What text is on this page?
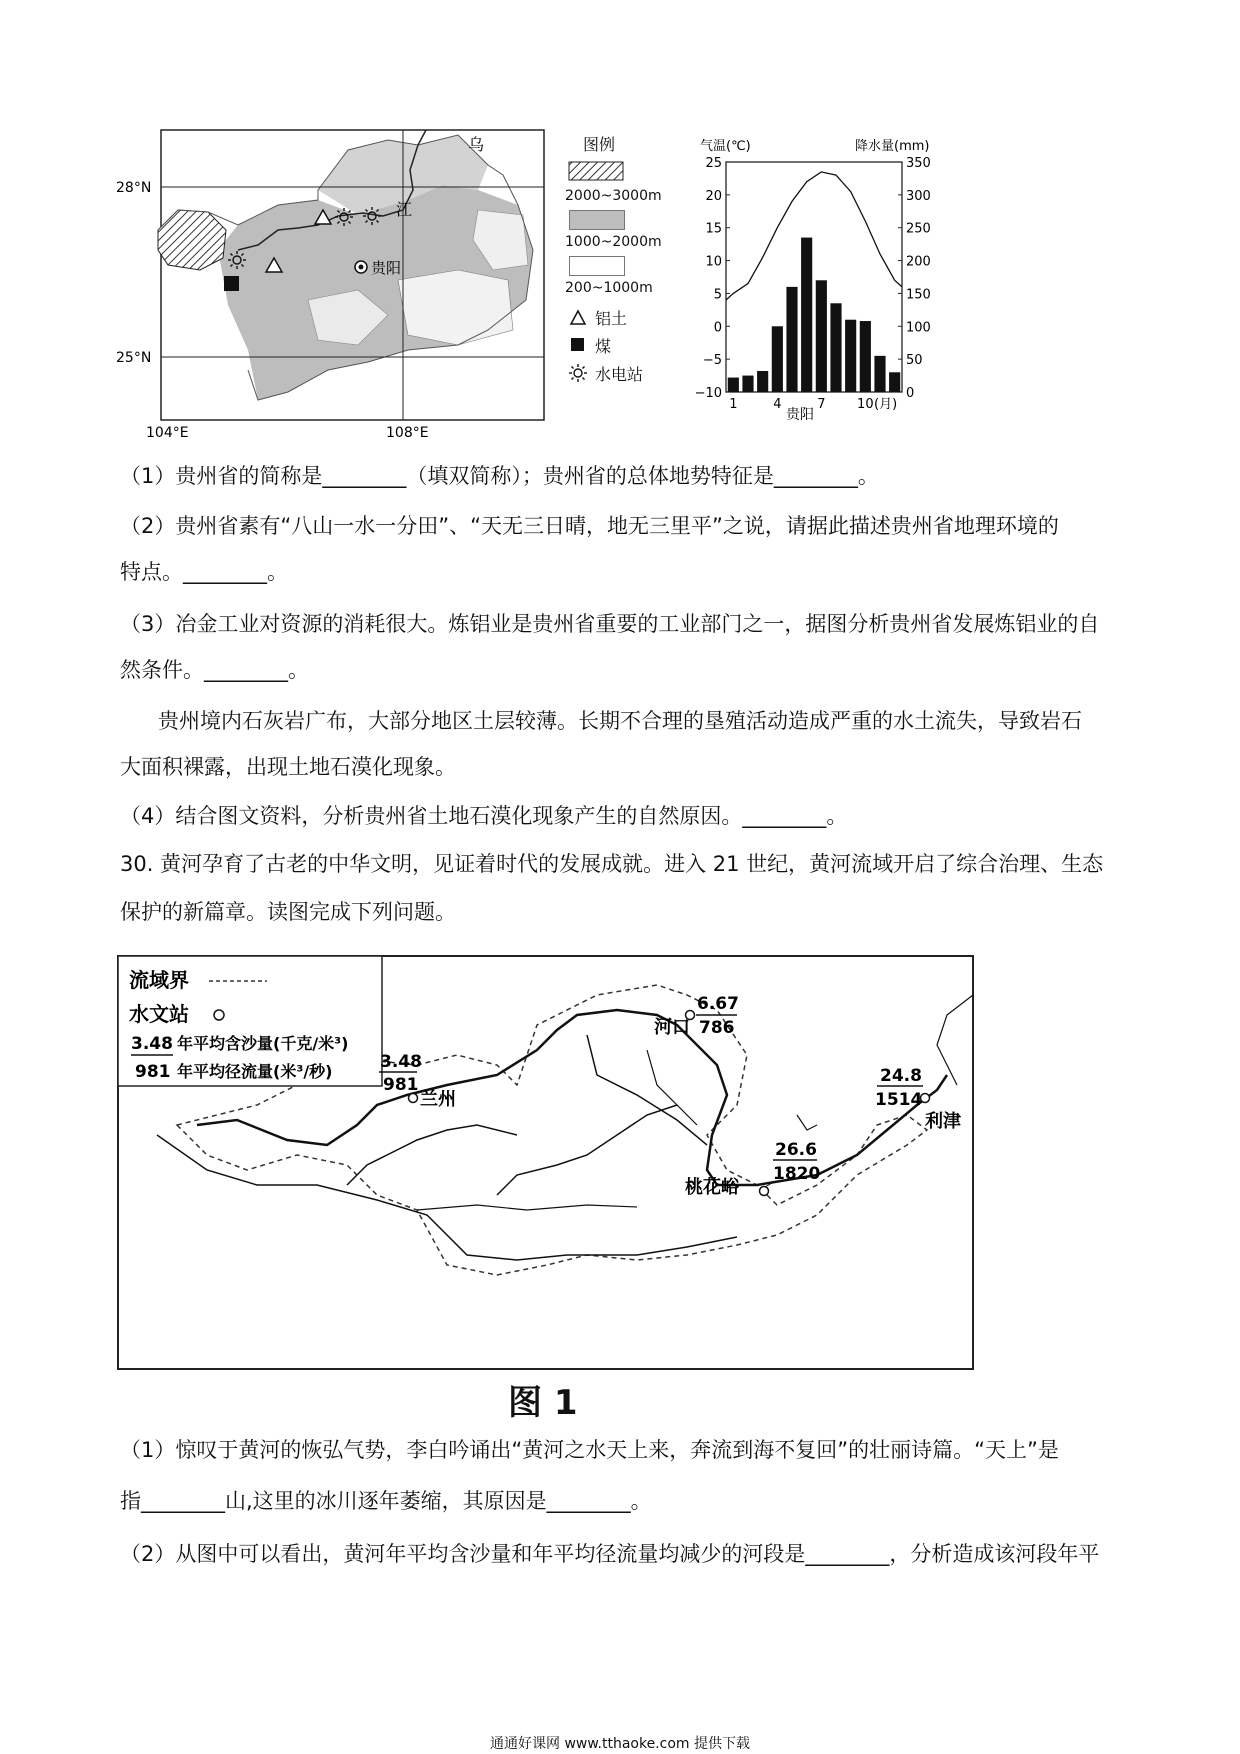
贵阳
乌
江
28°N
25°N
104°E	108°E
图例
2000~3000m
1000~2000m
200~1000m
铝土
煤
水电站
气温(℃)	降水量(mm)
25
20
15
10
5
0
−5
−10
350
300
250
200
150
100
50
0
1	4	7 10 (月)
贵阳
（1）贵州省的简称是________（填双简称）；贵州省的总体地势特征是________。
（2）贵州省素有“八山一水一分田”、“天无三日晴，地无三里平”之说，请据此描述贵州省地理环境的
特点。________。
（3）冶金工业对资源的消耗很大。炼铝业是贵州省重要的工业部门之一，据图分析贵州省发展炼铝业的自
然条件。________。
贵州境内石灰岩广布，大部分地区土层较薄。长期不合理的垦殖活动造成严重的水土流失，导致岩石
大面积裸露，出现土地石漠化现象。
（4）结合图文资料，分析贵州省土地石漠化现象产生的自然原因。________。
30. 黄河孕育了古老的中华文明，见证着时代的发展成就。进入 21 世纪，黄河流域开启了综合治理、生态
保护的新篇章。读图完成下列问题。
流域界
水文站
3.48 年平均含沙量(千克/米³)
981 年平均径流量(米³/秒)	3.48
981
兰州
6.67
786
河口
26.6
1820
桃花峪
24.8
1514
利津
图 1
（1）惊叹于黄河的恢弘气势，李白吟诵出“黄河之水天上来，奔流到海不复回”的壮丽诗篇。“天上”是
指________山,这里的冰川逐年萎缩，其原因是________。
（2）从图中可以看出，黄河年平均含沙量和年平均径流量均减少的河段是________，分析造成该河段年平
通通好课网 www.tthaoke.com 提供下载
